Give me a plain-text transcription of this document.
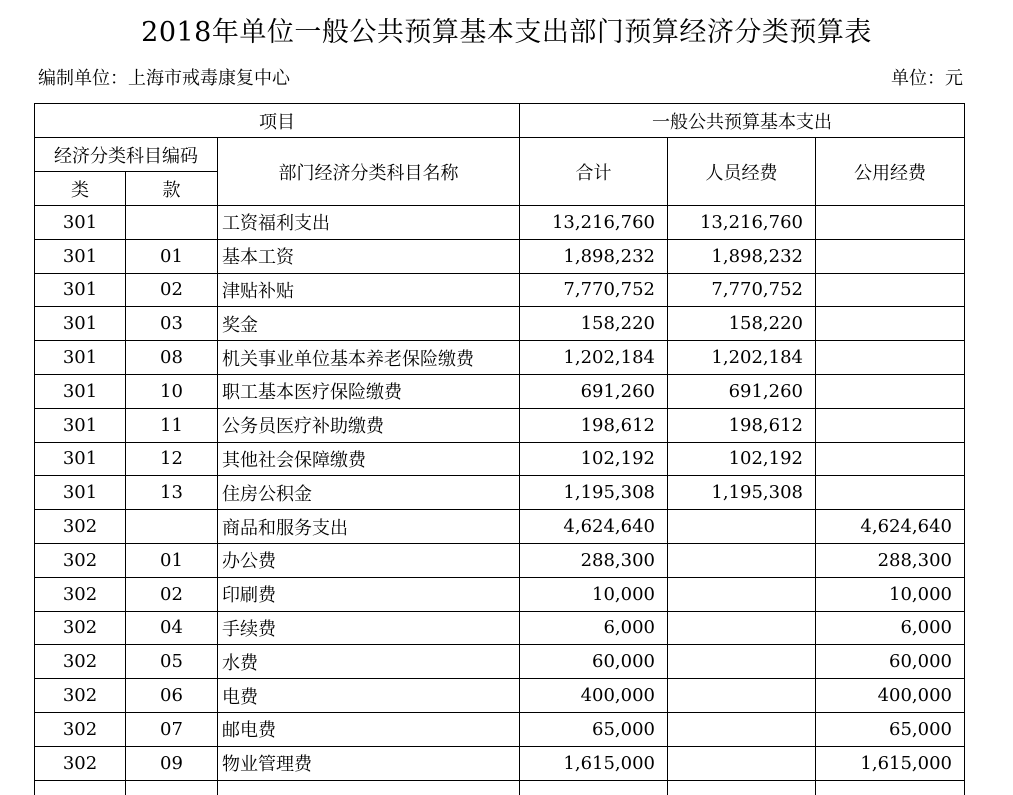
2018年单位一般公共预算基本支出部门预算经济分类预算表
编制单位：上海市戒毒康复中心	单位：元
项目			一般公共预算基本支出		
经济分类科目编码		部门经济分类科目名称	合计	人员经费	公用经费
类	款				
301		工资福利支出	13,216,760	13,216,760	
301	01	基本工资	1,898,232	1,898,232	
301	02	津贴补贴	7,770,752	7,770,752	
301	03	奖金	158,220	158,220	
301	08	机关事业单位基本养老保险缴费	1,202,184	1,202,184	
301	10	职工基本医疗保险缴费	691,260	691,260	
301	11	公务员医疗补助缴费	198,612	198,612	
301	12	其他社会保障缴费	102,192	102,192	
301	13	住房公积金	1,195,308	1,195,308	
302		商品和服务支出	4,624,640		4,624,640
302	01	办公费	288,300		288,300
302	02	印刷费	10,000		10,000
302	04	手续费	6,000		6,000
302	05	水费	60,000		60,000
302	06	电费	400,000		400,000
302	07	邮电费	65,000		65,000
302	09	物业管理费	1,615,000		1,615,000
